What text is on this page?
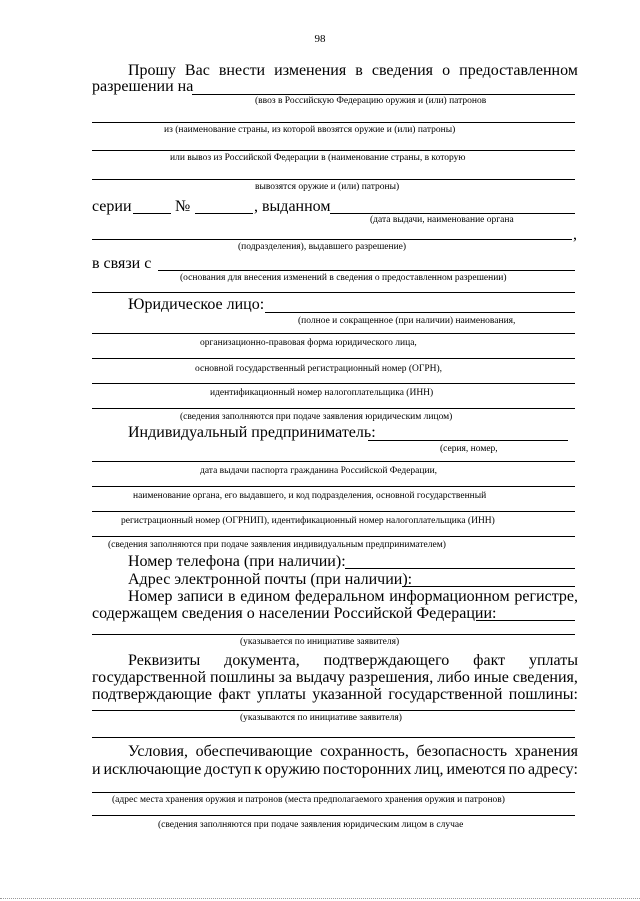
98
Прошу Вас внести изменения в сведения о предоставленном
разрешении на
(ввоз в Российскую Федерацию оружия и (или) патронов
из (наименование страны, из которой ввозятся оружие и (или) патроны)
или вывоз из Российской Федерации в (наименование страны, в которую
вывозятся оружие и (или) патроны)
серии	№	, выданном
(дата выдачи, наименование органа
,
(подразделения), выдавшего разрешение)
в связи с
(основания для внесения изменений в сведения о предоставленном разрешении)
Юридическое лицо:
(полное и сокращенное (при наличии) наименования,
организационно-правовая форма юридического лица,
основной государственный регистрационный номер (ОГРН),
идентификационный номер налогоплательщика (ИНН)
(сведения заполняются при подаче заявления юридическим лицом)
Индивидуальный предприниматель:
(серия, номер,
дата выдачи паспорта гражданина Российской Федерации,
наименование органа, его выдавшего, и код подразделения, основной государственный
регистрационный номер (ОГРНИП), идентификационный номер налогоплательщика (ИНН)
(сведения заполняются при подаче заявления индивидуальным предпринимателем)
Номер телефона (при наличии):
Адрес электронной почты (при наличии):
Номер записи в едином федеральном информационном регистре,
содержащем сведения о населении Российской Федерации:
(указывается по инициативе заявителя)
Реквизиты документа, подтверждающего факт уплаты
государственной пошлины за выдачу разрешения, либо иные сведения,
подтверждающие факт уплаты указанной государственной пошлины:
(указываются по инициативе заявителя)
Условия, обеспечивающие сохранность, безопасность хранения
и исключающие доступ к оружию посторонних лиц, имеются по адресу:
(адрес места хранения оружия и патронов (места предполагаемого хранения оружия и патронов)
(сведения заполняются при подаче заявления юридическим лицом в случае
